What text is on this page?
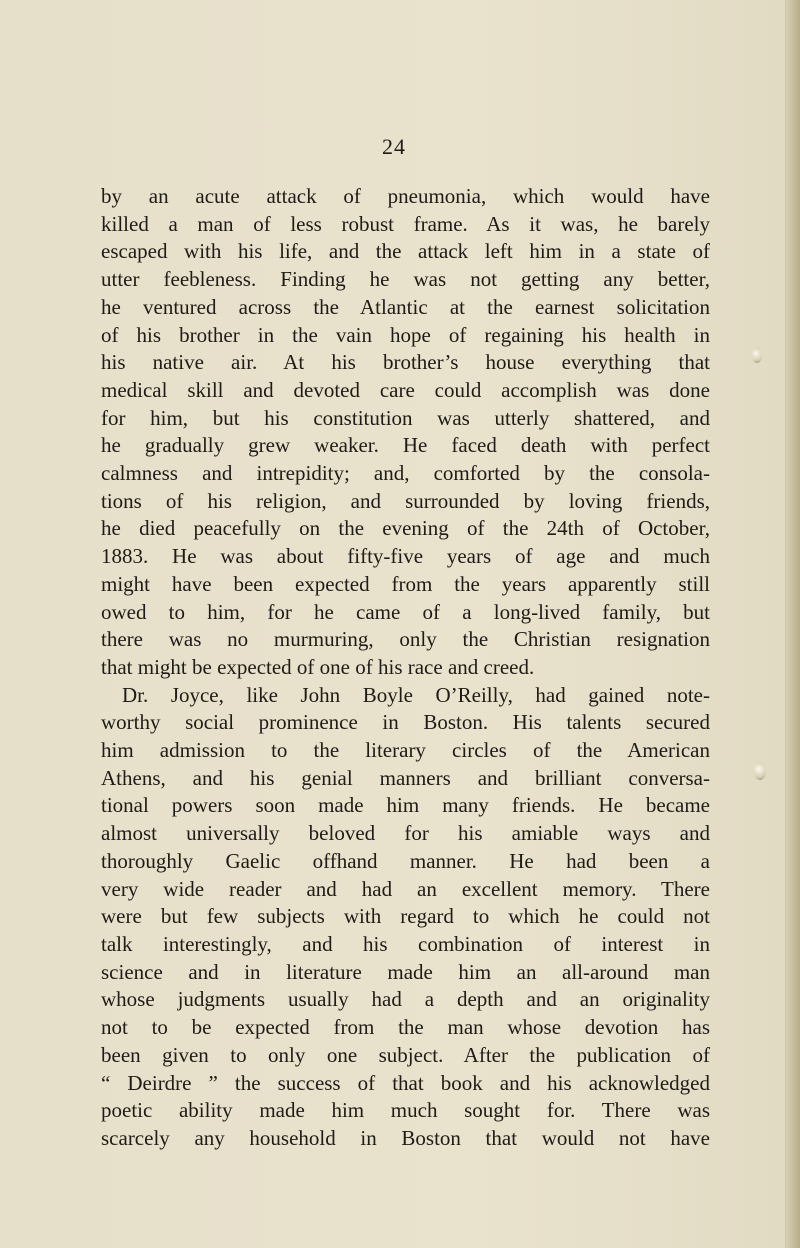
24
by an acute attack of pneumonia, which would have
killed a man of less robust frame. As it was, he barely
escaped with his life, and the attack left him in a state of
utter feebleness. Finding he was not getting any better,
he ventured across the Atlantic at the earnest solicitation
of his brother in the vain hope of regaining his health in
his native air. At his brother’s house everything that
medical skill and devoted care could accomplish was done
for him, but his constitution was utterly shattered, and
he gradually grew weaker. He faced death with perfect
calmness and intrepidity; and, comforted by the consola-
tions of his religion, and surrounded by loving friends,
he died peacefully on the evening of the 24th of October,
1883. He was about fifty-five years of age and much
might have been expected from the years apparently still
owed to him, for he came of a long-lived family, but
there was no murmuring, only the Christian resignation
that might be expected of one of his race and creed.
Dr. Joyce, like John Boyle O’Reilly, had gained note-
worthy social prominence in Boston. His talents secured
him admission to the literary circles of the American
Athens, and his genial manners and brilliant conversa-
tional powers soon made him many friends. He became
almost universally beloved for his amiable ways and
thoroughly Gaelic offhand manner. He had been a
very wide reader and had an excellent memory. There
were but few subjects with regard to which he could not
talk interestingly, and his combination of interest in
science and in literature made him an all-around man
whose judgments usually had a depth and an originality
not to be expected from the man whose devotion has
been given to only one subject. After the publication of
“ Deirdre ” the success of that book and his acknowledged
poetic ability made him much sought for. There was
scarcely any household in Boston that would not have
